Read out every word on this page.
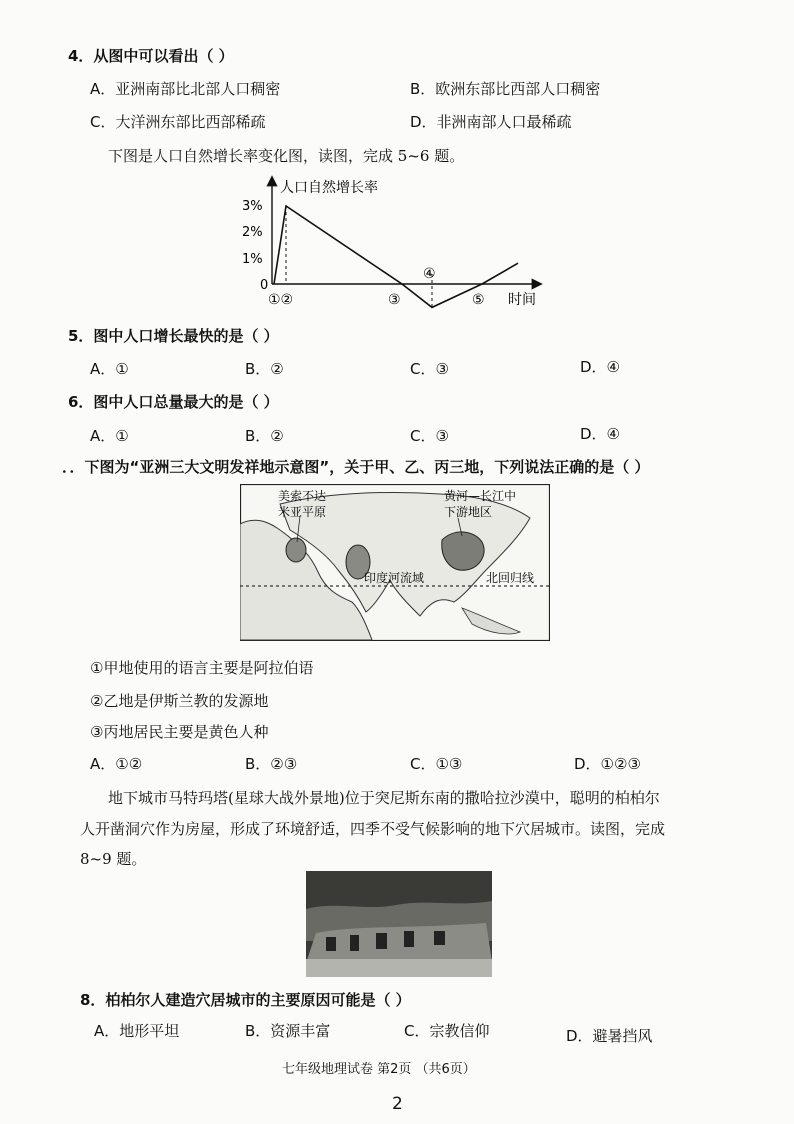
4．从图中可以看出（ ）
A．亚洲南部比北部人口稠密	B．欧洲东部比西部人口稠密
C．大洋洲东部比西部稀疏	D．非洲南部人口最稀疏
下图是人口自然增长率变化图，读图，完成 5~6 题。
人口自然增长率
3%
2%
1%
0
①②	③
④
⑤ 时间
5．图中人口增长最快的是（ ）
A．①	B．②	C．③	D．④
6．图中人口总量最大的是（ ）
A．①	B．②	C．③	D．④
．．下图为“亚洲三大文明发祥地示意图”，关于甲、乙、丙三地，下列说法正确的是（ ）
美索不达
米亚平原
黄河—长江中
下游地区
印度河流域	北回归线
①甲地使用的语言主要是阿拉伯语
②乙地是伊斯兰教的发源地
③丙地居民主要是黄色人种
A．①②	B．②③	C．①③	D．①②③
地下城市马特玛塔(星球大战外景地)位于突尼斯东南的撒哈拉沙漠中，聪明的柏柏尔
人开凿洞穴作为房屋，形成了环境舒适，四季不受气候影响的地下穴居城市。读图，完成
8~9 题。
8．柏柏尔人建造穴居城市的主要原因可能是（ ）
A．地形平坦	B．资源丰富	C．宗教信仰	D．避暑挡风
七年级地理试卷 第2页 （共6页）
2
